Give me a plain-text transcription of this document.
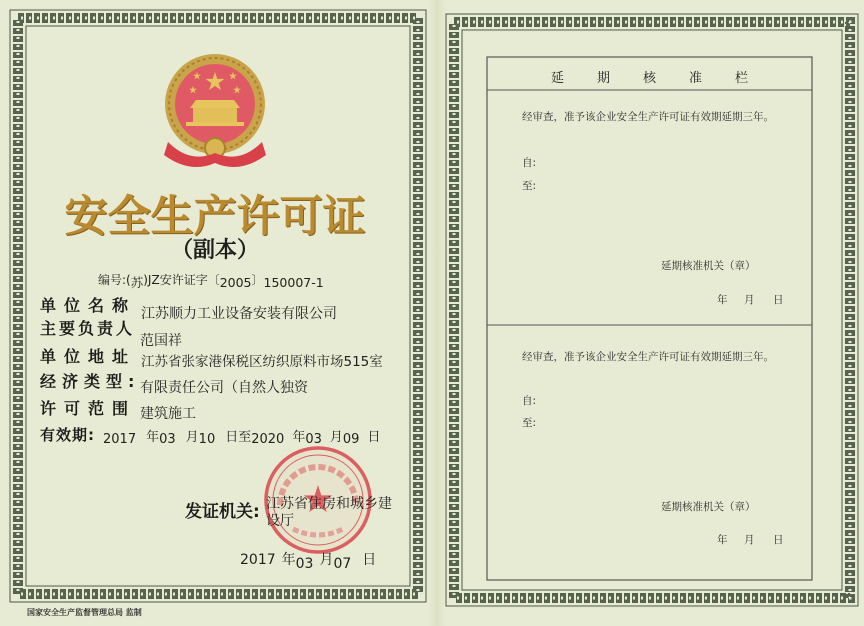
安全生产许可证
（副本）
编号:(苏)JZ安许证字〔2005〕150007-1
单位名称
主要负责人
单位地址
经济类型:
许可范围
江苏顺力工业设备安装有限公司
范国祥
江苏省张家港保税区纺织原料市场515室
有限责任公司（自然人独资
建筑施工
有效期: 2017 年03 月10 日至2020 年03 月09 日
发证机关: 江苏省住房和城乡建设厅
2017 年03 月07 日
国家安全生产监督管理总局 监制
延期核准栏
经审查，准予该企业安全生产许可证有效期延期三年。
自:
至:
延期核准机关（章）
年 月 日
经审查，准予该企业安全生产许可证有效期延期三年。
自:
至:
延期核准机关（章）
年 月 日
